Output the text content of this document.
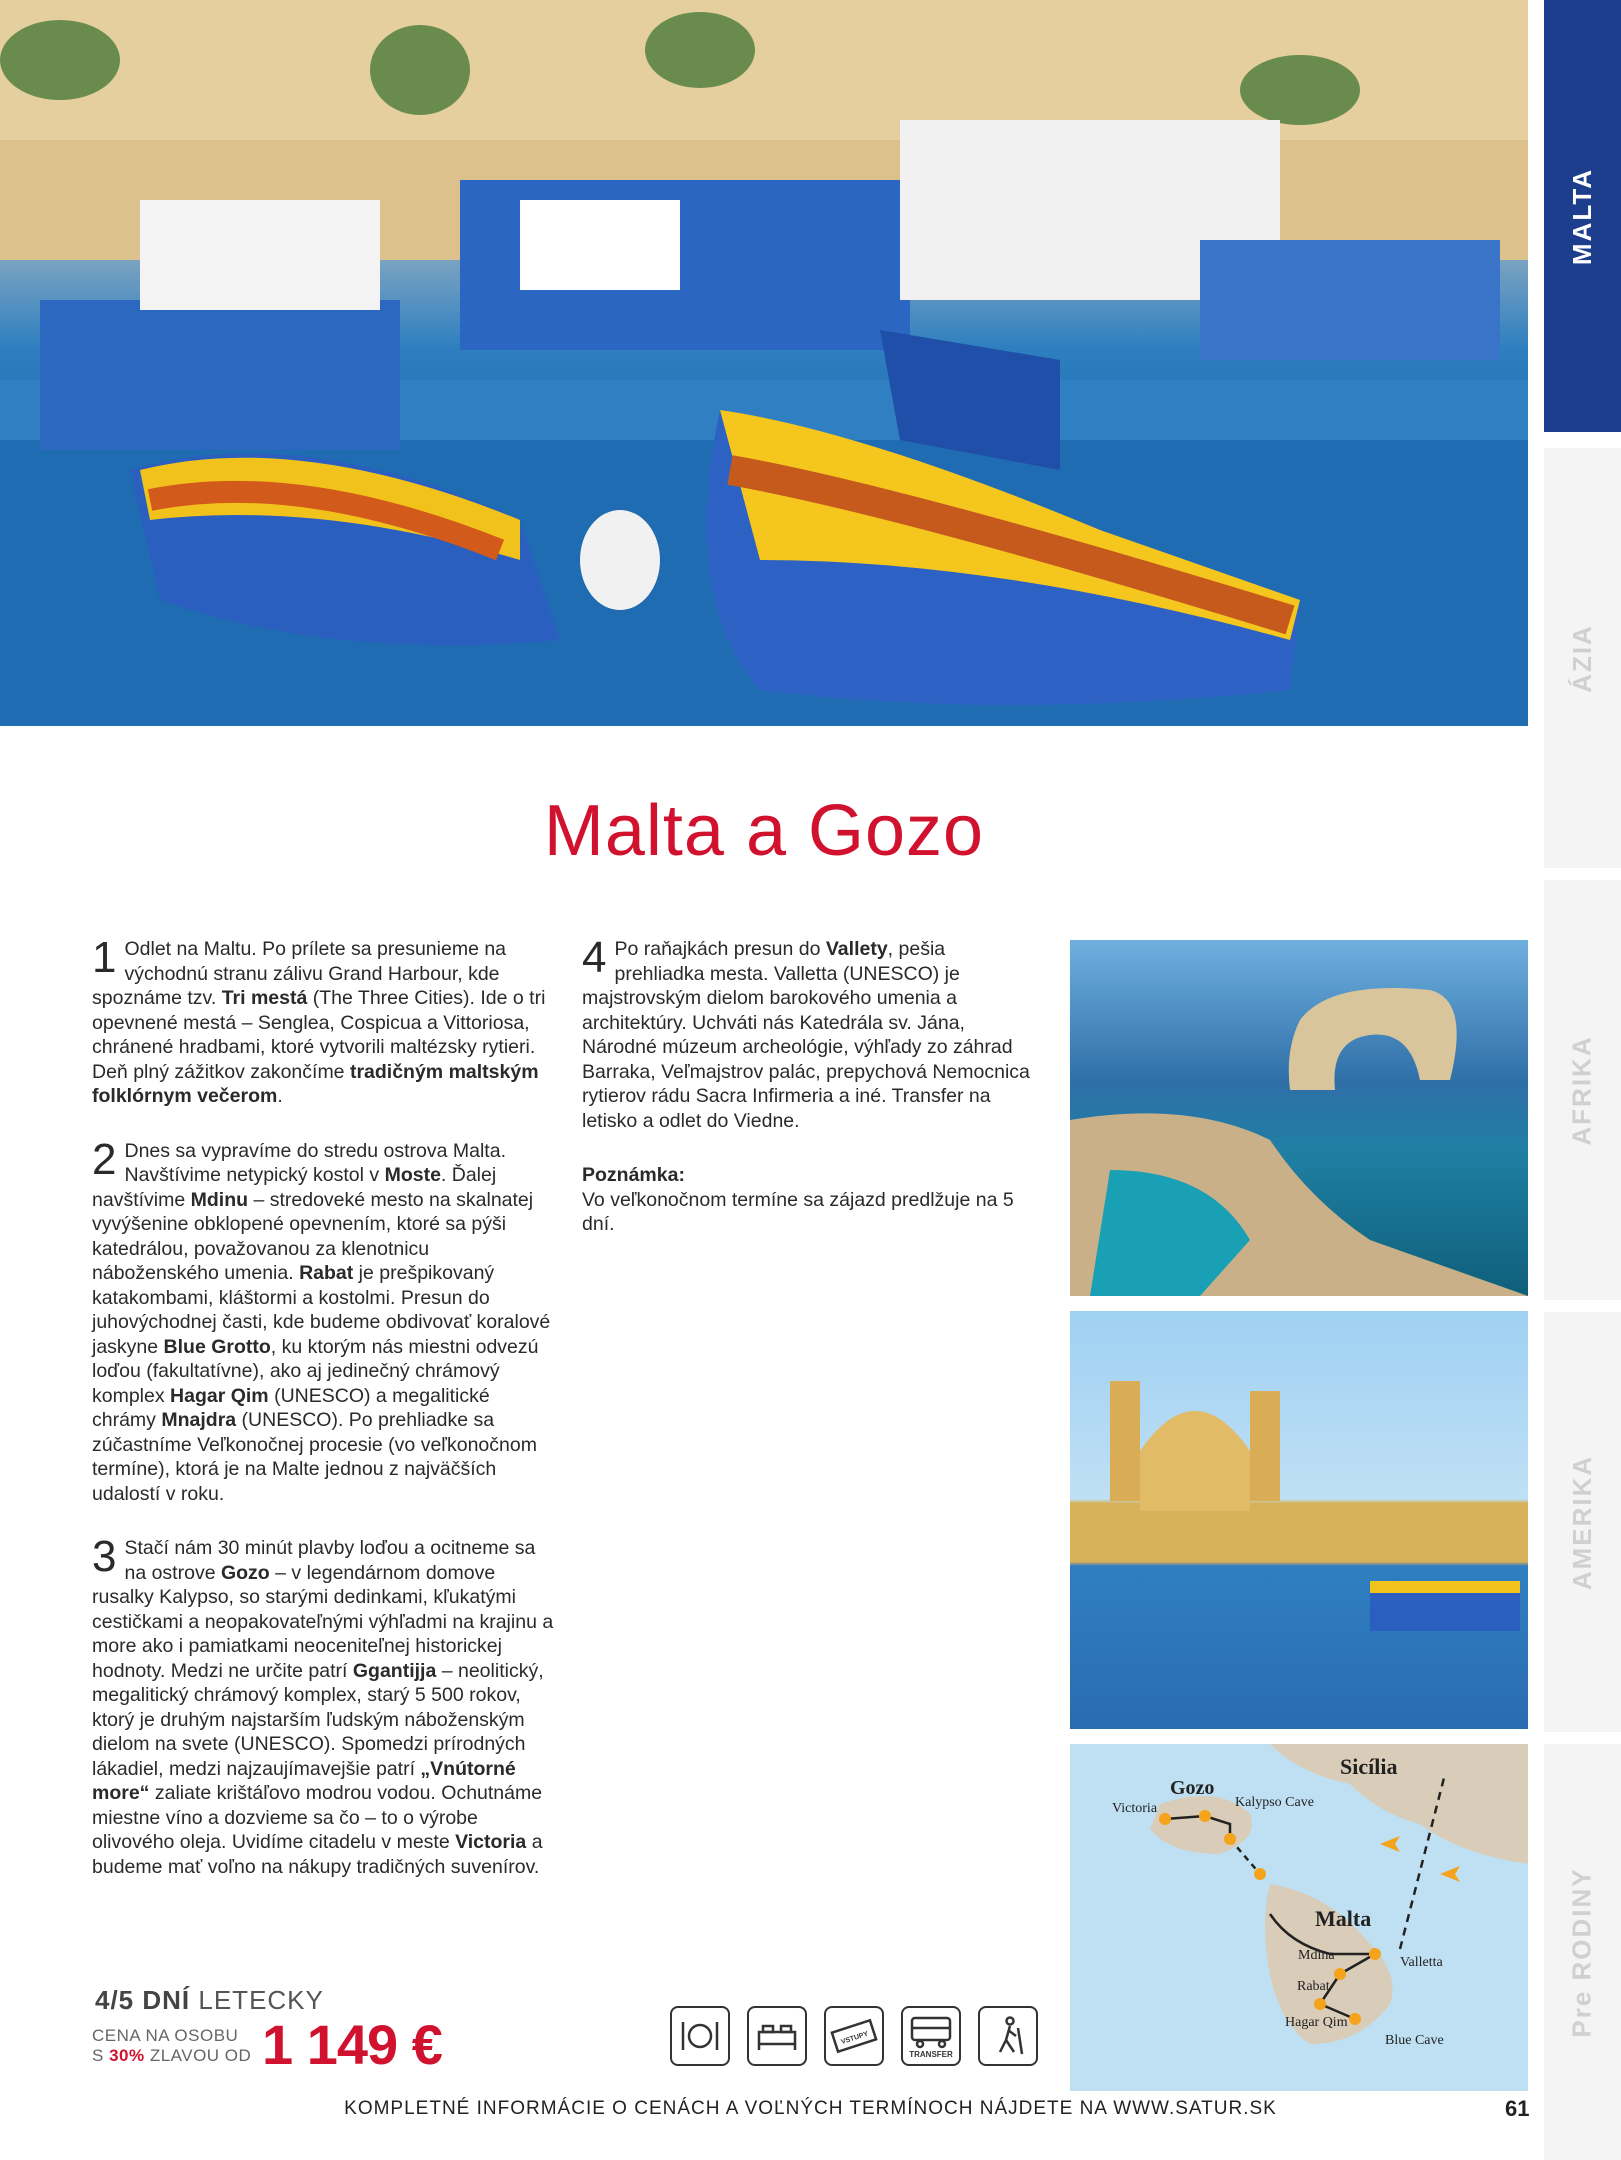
MALTA
ÁZIA
AFRIKA
AMERIKA
Pre RODINY
Malta a Gozo
1 Odlet na Maltu. Po prílete sa presunieme na východnú stranu zálivu Grand Harbour, kde spoznáme tzv. Tri mestá (The Three Cities). Ide o tri opevnené mestá – Senglea, Cospicua a Vittoriosa, chránené hradbami, ktoré vytvorili maltézsky rytieri. Deň plný zážitkov zakončíme tradičným maltským folklórnym večerom.
2 Dnes sa vypravíme do stredu ostrova Malta. Navštívime netypický kostol v Moste. Ďalej navštívime Mdinu – stredoveké mesto na skalnatej vyvýšenine obklopené opevnením, ktoré sa pýši katedrálou, považovanou za klenotnicu náboženského umenia. Rabat je prešpikovaný katakombami, kláštormi a kostolmi. Presun do juhovýchodnej časti, kde budeme obdivovať koralové jaskyne Blue Grotto, ku ktorým nás miestni odvezú loďou (fakultatívne), ako aj jedinečný chrámový komplex Hagar Qim (UNESCO) a megalitické chrámy Mnajdra (UNESCO). Po prehliadke sa zúčastníme Veľkonočnej procesie (vo veľkonočnom termíne), ktorá je na Malte jednou z najväčších udalostí v roku.
3 Stačí nám 30 minút plavby loďou a ocitneme sa na ostrove Gozo – v legendárnom domove rusalky Kalypso, so starými dedinkami, kľukatými cestičkami a neopakovateľnými výhľadmi na krajinu a more ako i pamiatkami neoceniteľnej historickej hodnoty. Medzi ne určite patrí Ggantijja – neolitický, megalitický chrámový komplex, starý 5 500 rokov, ktorý je druhým najstarším ľudským náboženským dielom na svete (UNESCO). Spomedzi prírodných lákadiel, medzi najzaujímavejšie patrí „Vnútorné more“ zaliate krištáľovo modrou vodou. Ochutnáme miestne víno a dozvieme sa čo – to o výrobe olivového oleja. Uvidíme citadelu v meste Victoria a budeme mať voľno na nákupy tradičných suvenírov.
4 Po raňajkách presun do Vallety, pešia prehliadka mesta. Valletta (UNESCO) je majstrovským dielom barokového umenia a architektúry. Uchváti nás Katedrála sv. Jána, Národné múzeum archeológie, výhľady zo záhrad Barraka, Veľmajstrov palác, prepychová Nemocnica rytierov rádu Sacra Infirmeria a iné. Transfer na letisko a odlet do Viedne.
Poznámka:
Vo veľkonočnom termíne sa zájazd predlžuje na 5 dní.
Sicília
Gozo
Victoria	Kalypso Cave
Malta
Mdina	Valletta
Rabat
Hagar Qim
Blue Cave
4/5 DNÍ LETECKY
CENA NA OSOBU
S 30% ZLAVOU OD 1 149 €	VSTUPY
TRANSFER
KOMPLETNÉ INFORMÁCIE O CENÁCH A VOĽNÝCH TERMÍNOCH NÁJDETE NA WWW.SATUR.SK	61
